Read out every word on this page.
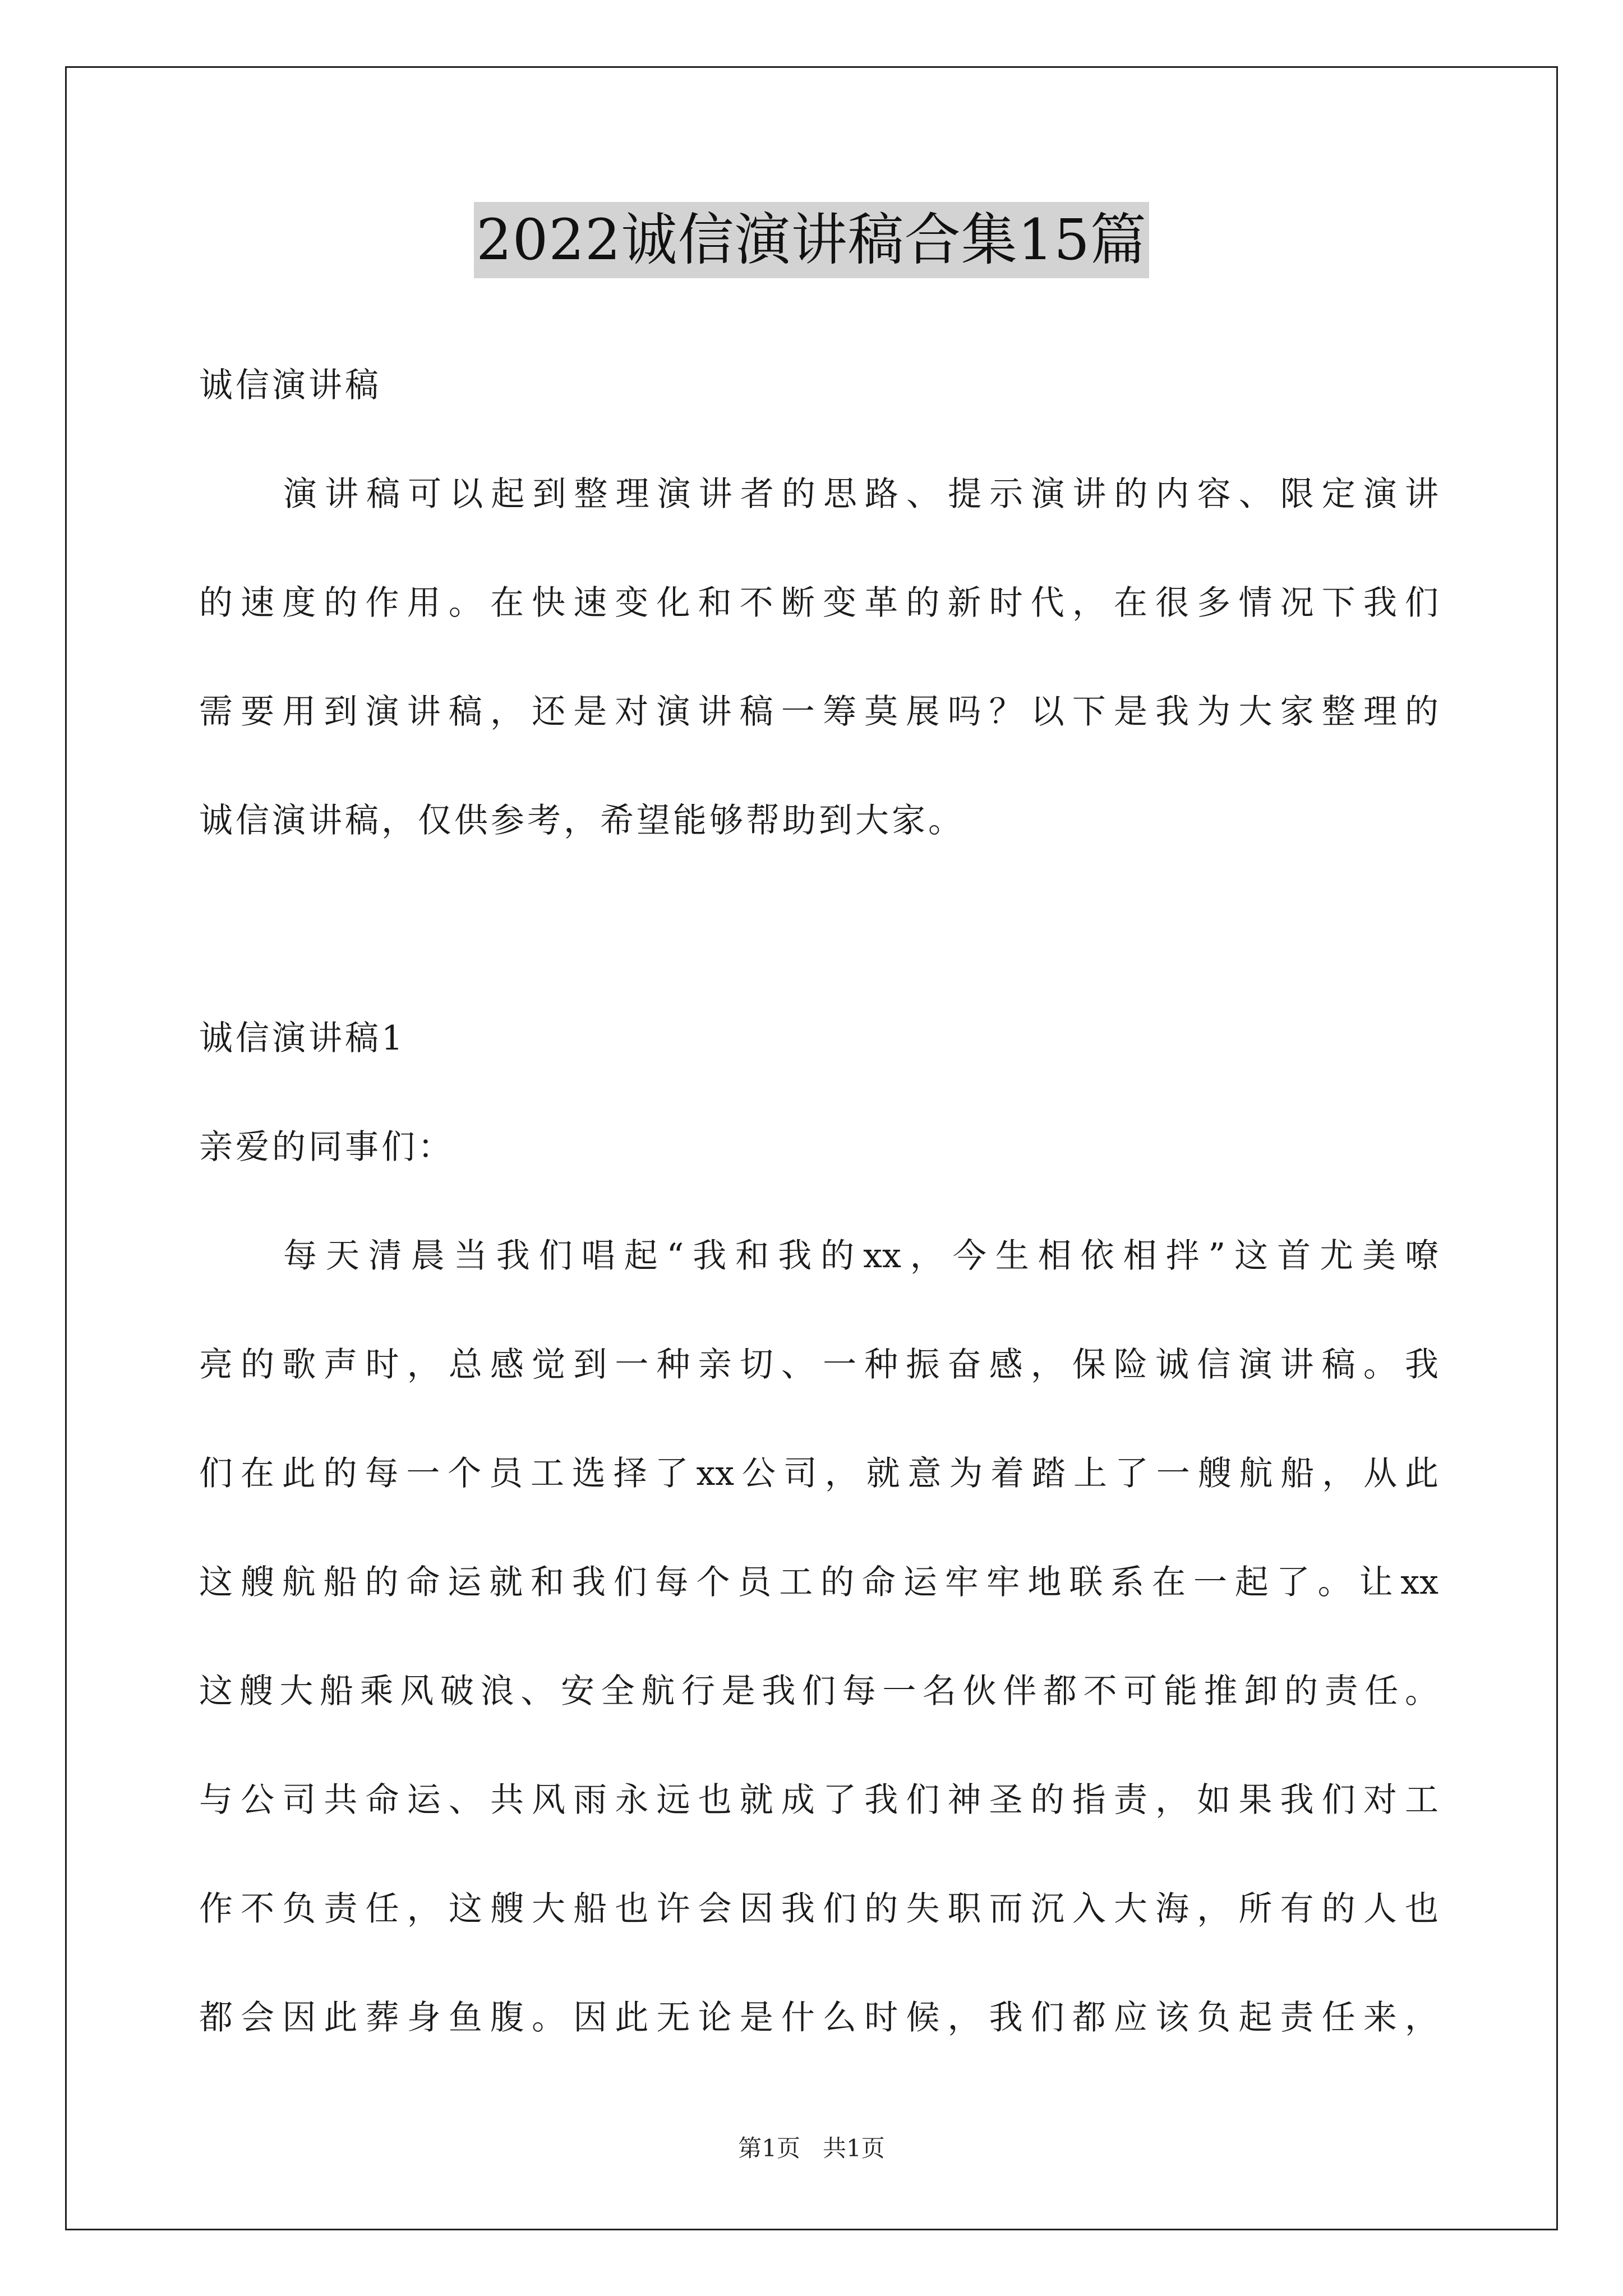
2022诚信演讲稿合集15篇
诚信演讲稿
演讲稿可以起到整理演讲者的思路、提示演讲的内容、限定演讲
的速度的作用。在快速变化和不断变革的新时代，在很多情况下我们
需要用到演讲稿，还是对演讲稿一筹莫展吗？以下是我为大家整理的
诚信演讲稿，仅供参考，希望能够帮助到大家。
诚信演讲稿1
亲爱的同事们：
每天清晨当我们唱起“我和我的xx，今生相依相拌”这首尤美嘹
亮的歌声时，总感觉到一种亲切、一种振奋感，保险诚信演讲稿。我
们在此的每一个员工选择了xx公司，就意为着踏上了一艘航船，从此
这艘航船的命运就和我们每个员工的命运牢牢地联系在一起了。让xx
这艘大船乘风破浪、安全航行是我们每一名伙伴都不可能推卸的责任。
与公司共命运、共风雨永远也就成了我们神圣的指责，如果我们对工
作不负责任，这艘大船也许会因我们的失职而沉入大海，所有的人也
都会因此葬身鱼腹。因此无论是什么时候，我们都应该负起责任来，
第1页   共1页
